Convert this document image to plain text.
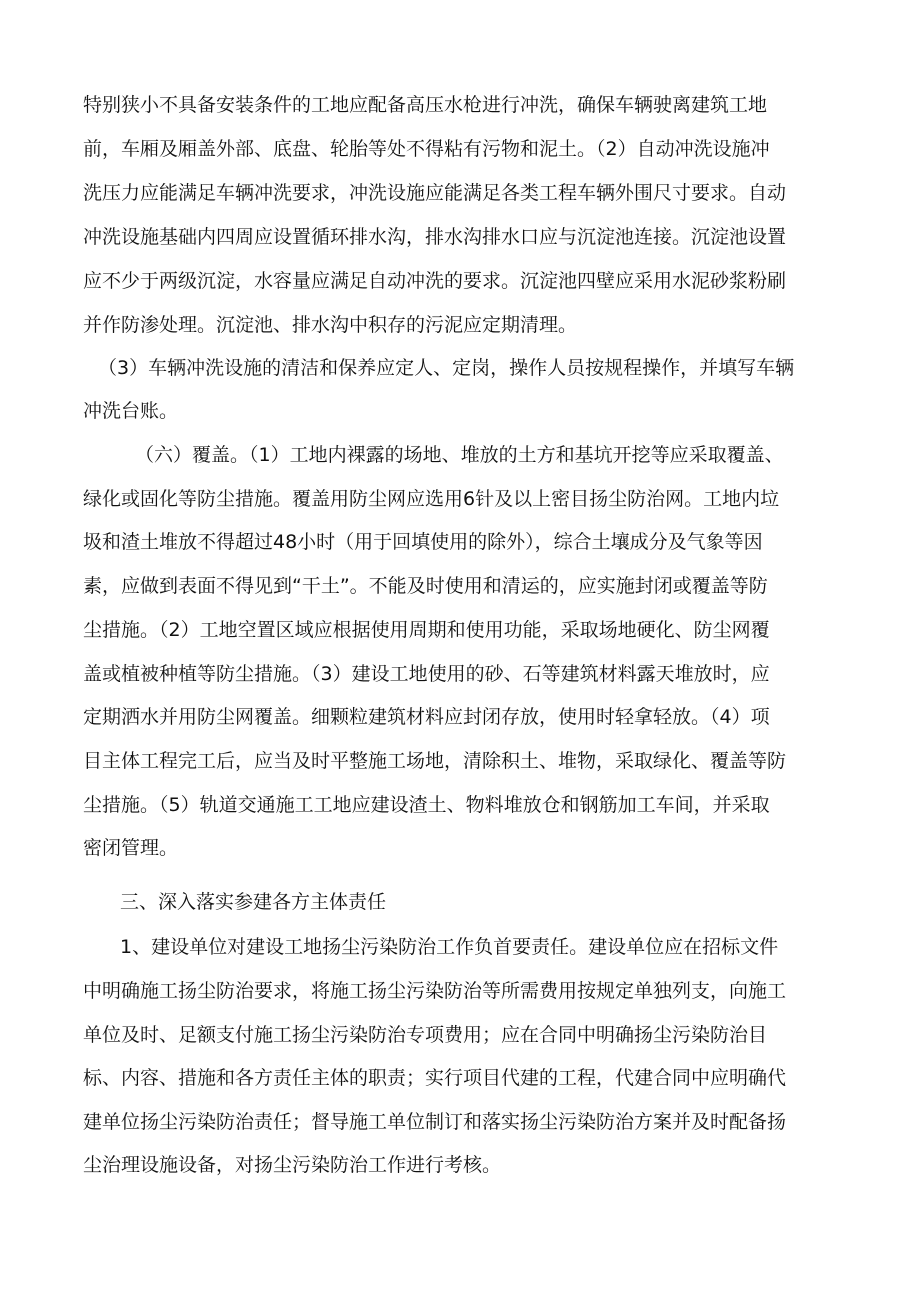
特别狭小不具备安装条件的工地应配备高压水枪进行冲洗，确保车辆驶离建筑工地
前，车厢及厢盖外部、底盘、轮胎等处不得粘有污物和泥土。（2）自动冲洗设施冲
洗压力应能满足车辆冲洗要求，冲洗设施应能满足各类工程车辆外围尺寸要求。自动
冲洗设施基础内四周应设置循环排水沟，排水沟排水口应与沉淀池连接。沉淀池设置
应不少于两级沉淀，水容量应满足自动冲洗的要求。沉淀池四壁应采用水泥砂浆粉刷
并作防渗处理。沉淀池、排水沟中积存的污泥应定期清理。
（3）车辆冲洗设施的清洁和保养应定人、定岗，操作人员按规程操作，并填写车辆
冲洗台账。
（六）覆盖。（1）工地内裸露的场地、堆放的土方和基坑开挖等应采取覆盖、
绿化或固化等防尘措施。覆盖用防尘网应选用6针及以上密目扬尘防治网。工地内垃
圾和渣土堆放不得超过48小时（用于回填使用的除外），综合土壤成分及气象等因
素，应做到表面不得见到“干土”。不能及时使用和清运的，应实施封闭或覆盖等防
尘措施。（2）工地空置区域应根据使用周期和使用功能，采取场地硬化、防尘网覆
盖或植被种植等防尘措施。（3）建设工地使用的砂、石等建筑材料露天堆放时，应
定期洒水并用防尘网覆盖。细颗粒建筑材料应封闭存放，使用时轻拿轻放。（4）项
目主体工程完工后，应当及时平整施工场地，清除积土、堆物，采取绿化、覆盖等防
尘措施。（5）轨道交通施工工地应建设渣土、物料堆放仓和钢筋加工车间，并采取
密闭管理。
三、深入落实参建各方主体责任
1、建设单位对建设工地扬尘污染防治工作负首要责任。建设单位应在招标文件
中明确施工扬尘防治要求，将施工扬尘污染防治等所需费用按规定单独列支，向施工
单位及时、足额支付施工扬尘污染防治专项费用；应在合同中明确扬尘污染防治目
标、内容、措施和各方责任主体的职责；实行项目代建的工程，代建合同中应明确代
建单位扬尘污染防治责任；督导施工单位制订和落实扬尘污染防治方案并及时配备扬
尘治理设施设备，对扬尘污染防治工作进行考核。
